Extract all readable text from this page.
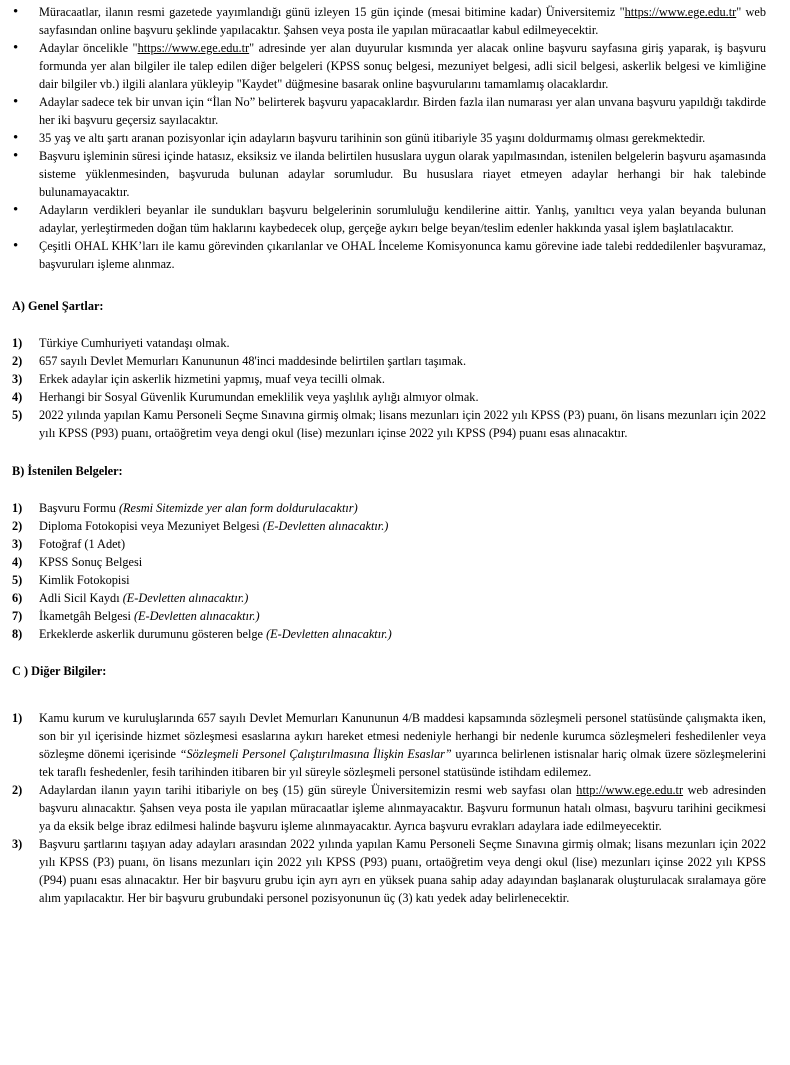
• Müracaatlar, ilanın resmi gazetede yayımlandığı günü izleyen 15 gün içinde (mesai bitimine kadar) Üniversitemiz "https://www.ege.edu.tr" web sayfasından online başvuru şeklinde yapılacaktır. Şahsen veya posta ile yapılan müracaatlar kabul edilmeyecektir.
• Adaylar öncelikle "https://www.ege.edu.tr" adresinde yer alan duyurular kısmında yer alacak online başvuru sayfasına giriş yaparak, iş başvuru formunda yer alan bilgiler ile talep edilen diğer belgeleri (KPSS sonuç belgesi, mezuniyet belgesi, adli sicil belgesi, askerlik belgesi ve kimliğine dair bilgiler vb.) ilgili alanlara yükleyip "Kaydet" düğmesine basarak online başvurularını tamamlamış olacaklardır.
• Adaylar sadece tek bir unvan için “İlan No” belirterek başvuru yapacaklardır. Birden fazla ilan numarası yer alan unvana başvuru yapıldığı takdirde her iki başvuru geçersiz sayılacaktır.
• 35 yaş ve altı şartı aranan pozisyonlar için adayların başvuru tarihinin son günü itibariyle 35 yaşını doldurmamış olması gerekmektedir.
• Başvuru işleminin süresi içinde hatasız, eksiksiz ve ilanda belirtilen hususlara uygun olarak yapılmasından, istenilen belgelerin başvuru aşamasında sisteme yüklenmesinden, başvuruda bulunan adaylar sorumludur. Bu hususlara riayet etmeyen adaylar herhangi bir hak talebinde bulunamayacaktır.
• Adayların verdikleri beyanlar ile sundukları başvuru belgelerinin sorumluluğu kendilerine aittir. Yanlış, yanıltıcı veya yalan beyanda bulunan adaylar, yerleştirmeden doğan tüm haklarını kaybedecek olup, gerçeğe aykırı belge beyan/teslim edenler hakkında yasal işlem başlatılacaktır.
• Çeşitli OHAL KHK’ları ile kamu görevinden çıkarılanlar ve OHAL İnceleme Komisyonunca kamu görevine iade talebi reddedilenler başvuramaz, başvuruları işleme alınmaz.
A) Genel Şartlar:
1) Türkiye Cumhuriyeti vatandaşı olmak.
2) 657 sayılı Devlet Memurları Kanununun 48'inci maddesinde belirtilen şartları taşımak.
3) Erkek adaylar için askerlik hizmetini yapmış, muaf veya tecilli olmak.
4) Herhangi bir Sosyal Güvenlik Kurumundan emeklilik veya yaşlılık aylığı almıyor olmak.
5) 2022 yılında yapılan Kamu Personeli Seçme Sınavına girmiş olmak; lisans mezunları için 2022 yılı KPSS (P3) puanı, ön lisans mezunları için 2022 yılı KPSS (P93) puanı, ortaöğretim veya dengi okul (lise) mezunları içinse 2022 yılı KPSS (P94) puanı esas alınacaktır.
B) İstenilen Belgeler:
1) Başvuru Formu (Resmi Sitemizde yer alan form doldurulacaktır)
2) Diploma Fotokopisi veya Mezuniyet Belgesi (E-Devletten alınacaktır.)
3) Fotoğraf (1 Adet)
4) KPSS Sonuç Belgesi
5) Kimlik Fotokopisi
6) Adli Sicil Kaydı (E-Devletten alınacaktır.)
7) İkametgâh Belgesi (E-Devletten alınacaktır.)
8) Erkeklerde askerlik durumunu gösteren belge (E-Devletten alınacaktır.)
C ) Diğer Bilgiler:
1) Kamu kurum ve kuruluşlarında 657 sayılı Devlet Memurları Kanununun 4/B maddesi kapsamında sözleşmeli personel statüsünde çalışmakta iken, son bir yıl içerisinde hizmet sözleşmesi esaslarına aykırı hareket etmesi nedeniyle herhangi bir nedenle kurumca sözleşmeleri feshedilenler veya sözleşme dönemi içerisinde “Sözleşmeli Personel Çalıştırılmasına İlişkin Esaslar” uyarınca belirlenen istisnalar hariç olmak üzere sözleşmelerini tek taraflı feshedenler, fesih tarihinden itibaren bir yıl süreyle sözleşmeli personel statüsünde istihdam edilemez.
2) Adaylardan ilanın yayın tarihi itibariyle on beş (15) gün süreyle Üniversitemizin resmi web sayfası olan http://www.ege.edu.tr web adresinden başvuru alınacaktır. Şahsen veya posta ile yapılan müracaatlar işleme alınmayacaktır. Başvuru formunun hatalı olması, başvuru tarihini gecikmesi ya da eksik belge ibraz edilmesi halinde başvuru işleme alınmayacaktır. Ayrıca başvuru evrakları adaylara iade edilmeyecektir.
3) Başvuru şartlarını taşıyan aday adayları arasından 2022 yılında yapılan Kamu Personeli Seçme Sınavına girmiş olmak; lisans mezunları için 2022 yılı KPSS (P3) puanı, ön lisans mezunları için 2022 yılı KPSS (P93) puanı, ortaöğretim veya dengi okul (lise) mezunları içinse 2022 yılı KPSS (P94) puanı esas alınacaktır. Her bir başvuru grubu için ayrı ayrı en yüksek puana sahip aday adayından başlanarak oluşturulacak sıralamaya göre alım yapılacaktır. Her bir başvuru grubundaki personel pozisyonunun üç (3) katı yedek aday belirlenecektir.
